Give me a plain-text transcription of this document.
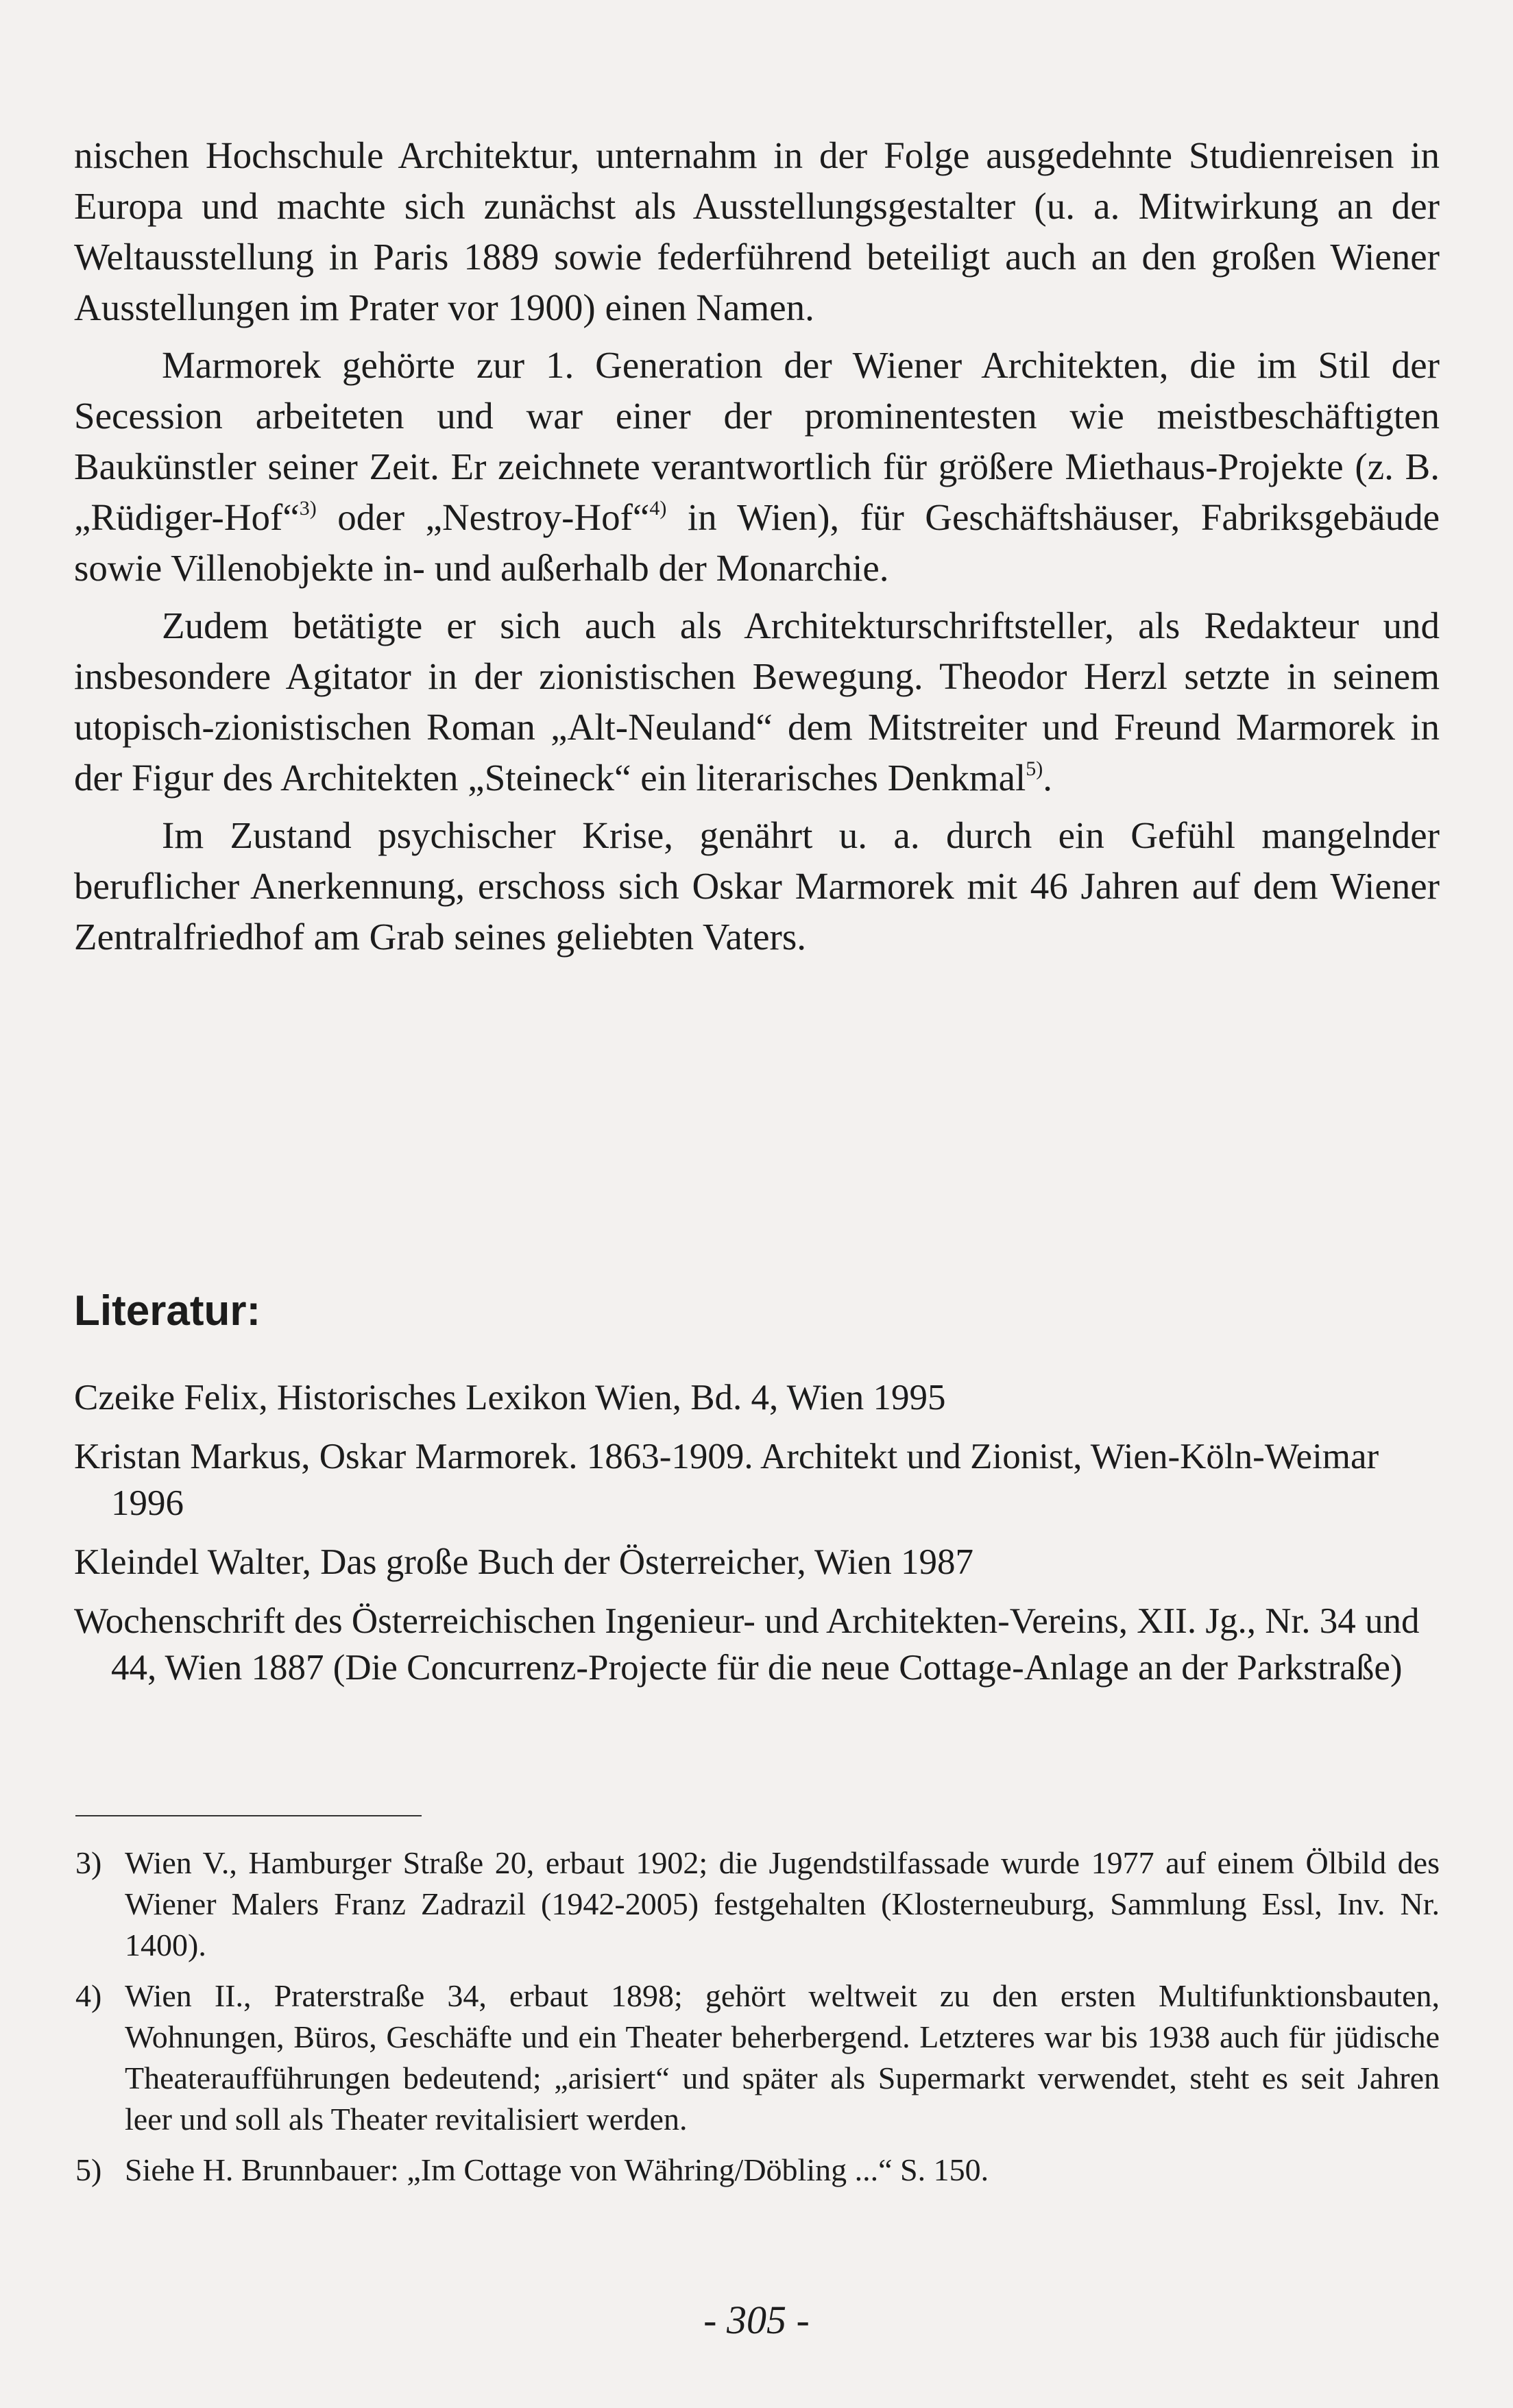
nischen Hochschule Architektur, unternahm in der Folge ausgedehnte Studienreisen in Europa und machte sich zunächst als Ausstellungsgestalter (u. a. Mitwirkung an der Weltausstellung in Paris 1889 sowie federführend beteiligt auch an den großen Wiener Ausstellungen im Prater vor 1900) einen Namen.

Marmorek gehörte zur 1. Generation der Wiener Architekten, die im Stil der Secession arbeiteten und war einer der prominentesten wie meistbeschäftigten Baukünstler seiner Zeit. Er zeichnete verantwortlich für größere Miethaus-Projekte (z. B. „Rüdiger-Hof“$^{3)}$ oder „Nestroy-Hof“$^{4)}$ in Wien), für Geschäftshäuser, Fabriksgebäude sowie Villenobjekte in- und außerhalb der Monarchie.

Zudem betätigte er sich auch als Architekturschriftsteller, als Redakteur und insbesondere Agitator in der zionistischen Bewegung. Theodor Herzl setzte in seinem utopisch-zionistischen Roman „Alt-Neuland“ dem Mitstreiter und Freund Marmorek in der Figur des Architekten „Steineck“ ein literarisches Denkmal$^{5)}$.

Im Zustand psychischer Krise, genährt u. a. durch ein Gefühl mangelnder beruflicher Anerkennung, erschoss sich Oskar Marmorek mit 46 Jahren auf dem Wiener Zentralfriedhof am Grab seines geliebten Vaters.

Literatur:
Czeike Felix, Historisches Lexikon Wien, Bd. 4, Wien 1995
Kristan Markus, Oskar Marmorek. 1863-1909. Architekt und Zionist, Wien-Köln-Weimar 1996
Kleindel Walter, Das große Buch der Österreicher, Wien 1987
Wochenschrift des Österreichischen Ingenieur- und Architekten-Vereins, XII. Jg., Nr. 34 und 44, Wien 1887 (Die Concurrenz-Projecte für die neue Cottage-Anlage an der Parkstraße)
3) Wien V., Hamburger Straße 20, erbaut 1902; die Jugendstilfassade wurde 1977 auf einem Ölbild des Wiener Malers Franz Zadrazil (1942-2005) festgehalten (Klosterneuburg, Sammlung Essl, Inv. Nr. 1400).
4) Wien II., Praterstraße 34, erbaut 1898; gehört weltweit zu den ersten Multifunktionsbauten, Wohnungen, Büros, Geschäfte und ein Theater beherbergend. Letzteres war bis 1938 auch für jüdische Theateraufführungen bedeutend; „arisiert“ und später als Supermarkt verwendet, steht es seit Jahren leer und soll als Theater revitalisiert werden.
5) Siehe H. Brunnbauer: „Im Cottage von Währing/Döbling ...“ S. 150.
- 305 -
